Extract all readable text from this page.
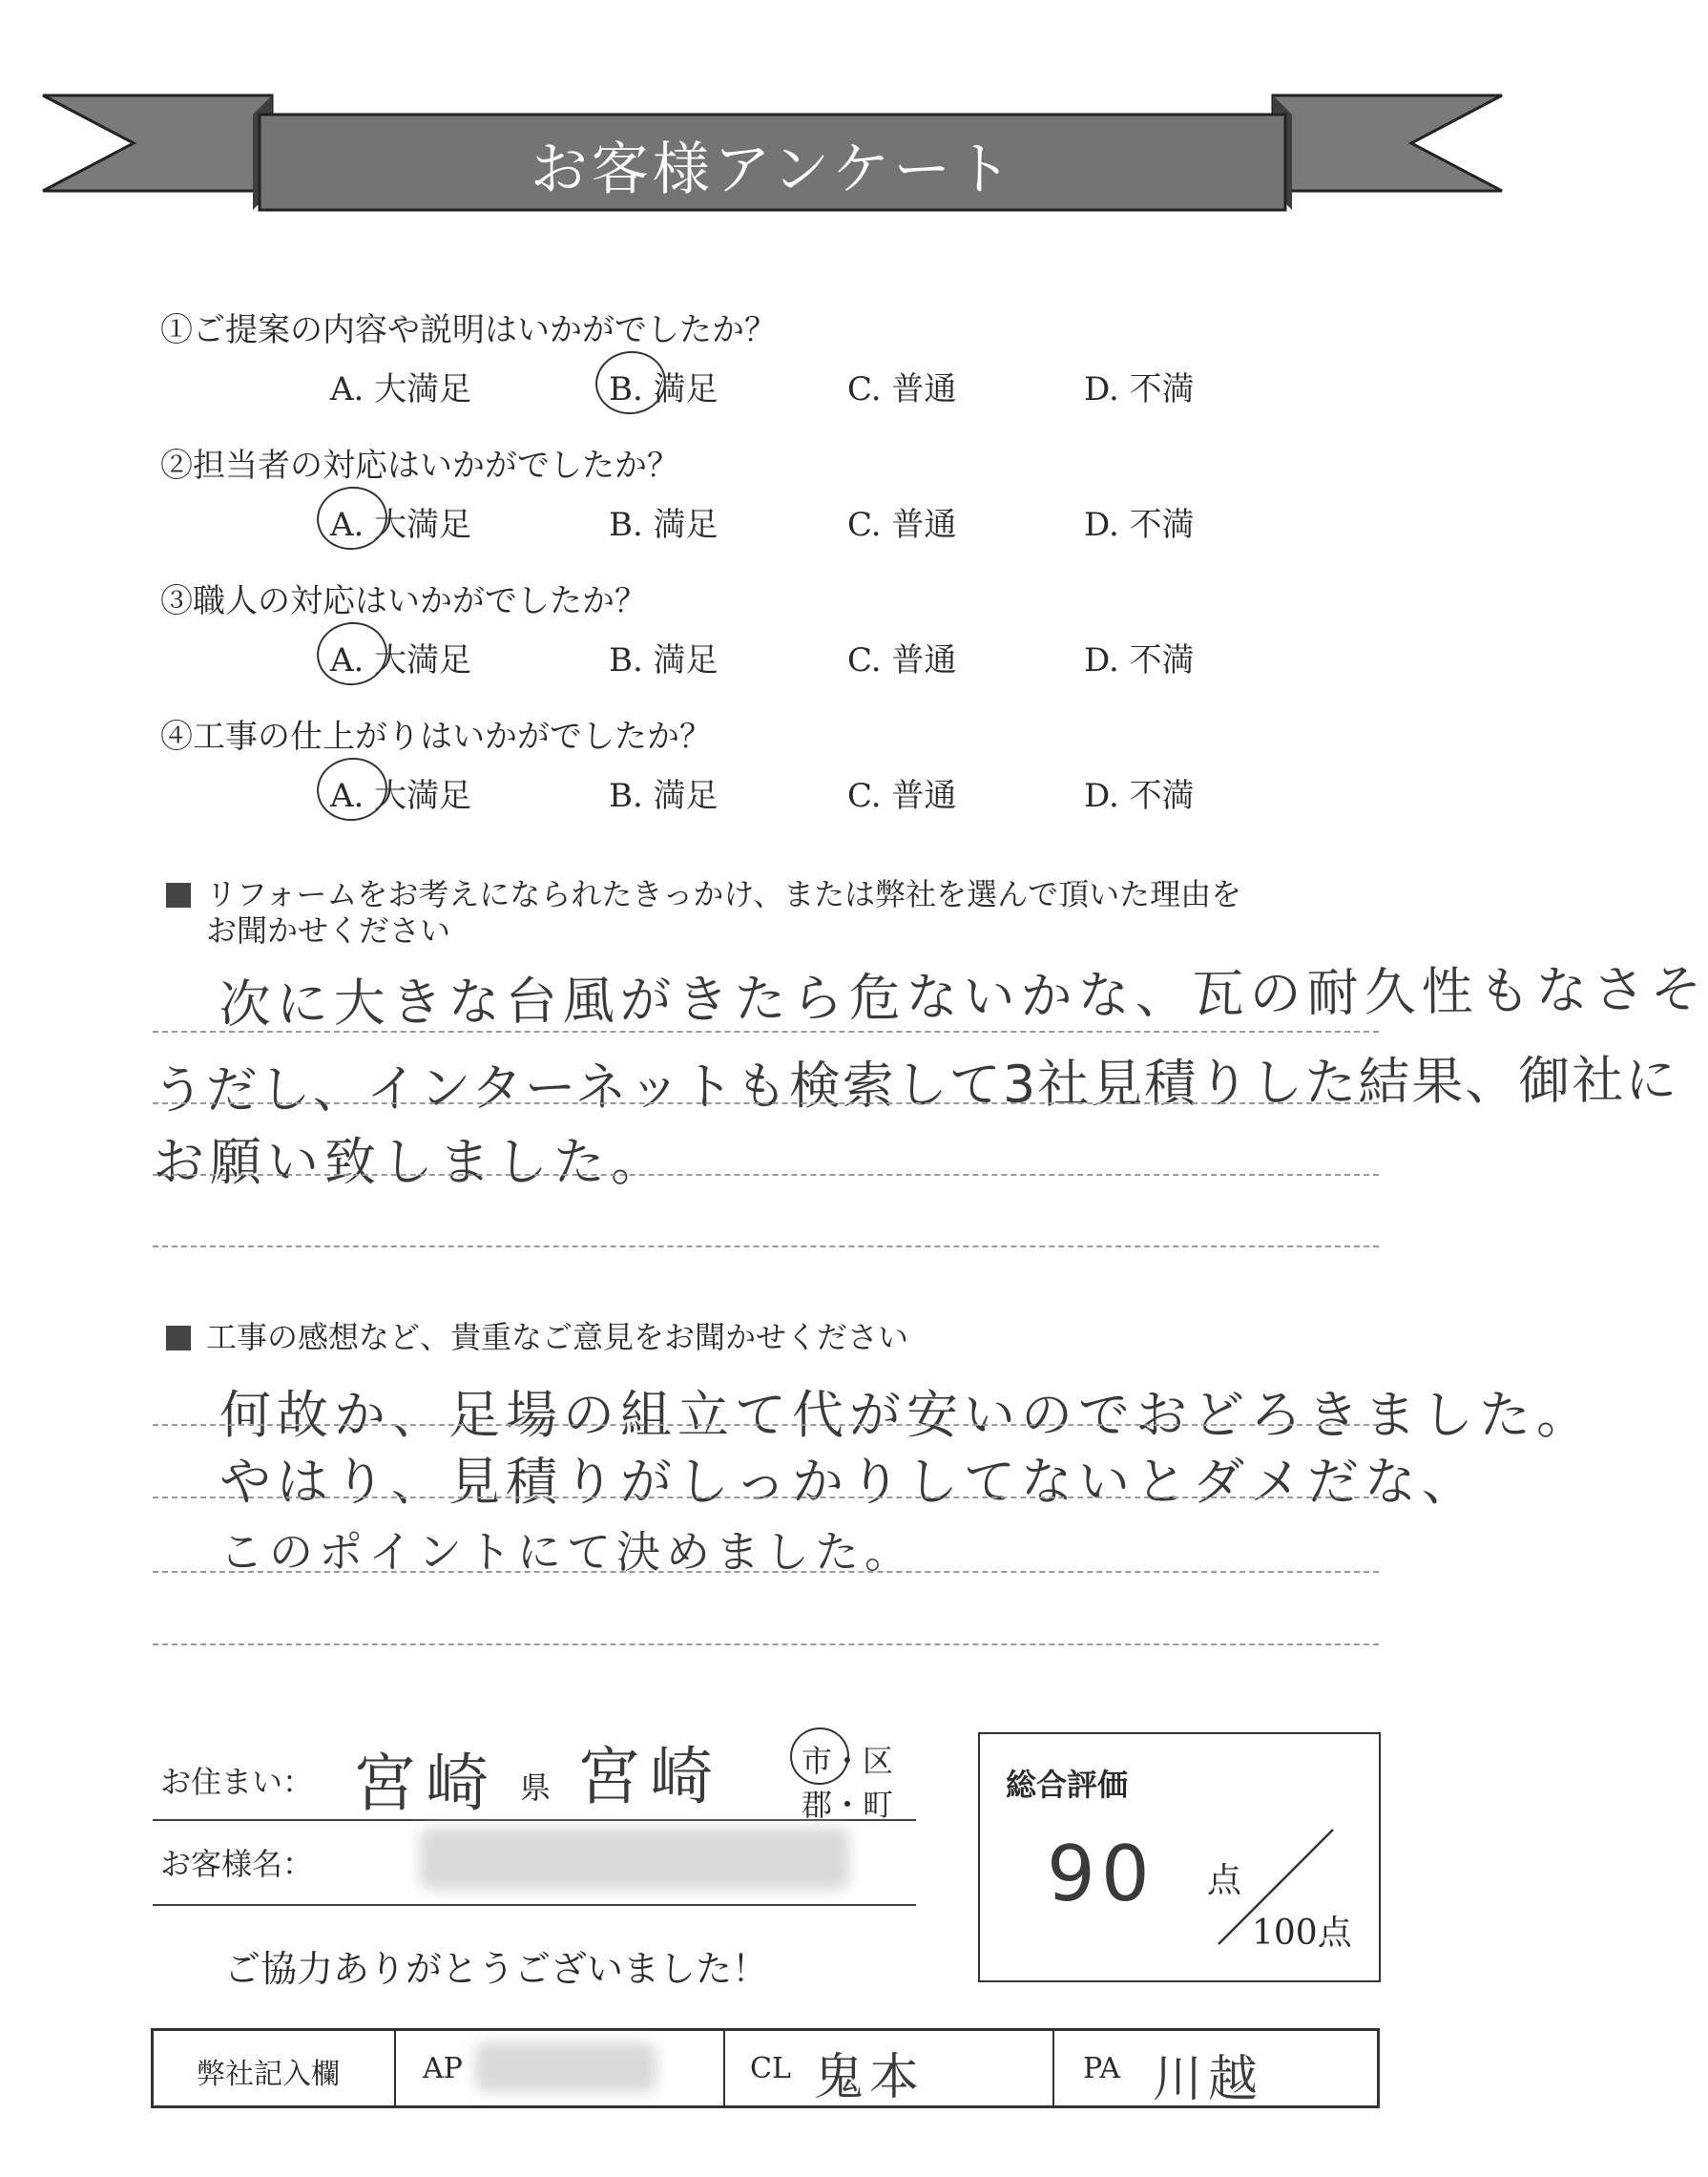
お客様アンケート
①ご提案の内容や説明はいかがでしたか？
A. 大満足	B. 満足	C. 普通	D. 不満
②担当者の対応はいかがでしたか？
A. 大満足	B. 満足	C. 普通	D. 不満
③職人の対応はいかがでしたか？
A. 大満足	B. 満足	C. 普通	D. 不満
④工事の仕上がりはいかがでしたか？
A. 大満足	B. 満足	C. 普通	D. 不満
リフォームをお考えになられたきっかけ、または弊社を選んで頂いた理由を
お聞かせください
次に大きな台風がきたら危ないかな、瓦の耐久性もなさそ
うだし、インターネットも検索して3社見積りした結果、御社に
お願い致しました。
工事の感想など、貴重なご意見をお聞かせください
何故か、足場の組立て代が安いのでおどろきました。
やはり、見積りがしっかりしてないとダメだな、
このポイントにて決めました。
お住まい： 宮崎 県 宮崎	市・区
郡・町
お客様名：
ご協力ありがとうございました！
総合評価
90 点
100点
弊社記入欄	AP	CL 鬼本	PA 川越
